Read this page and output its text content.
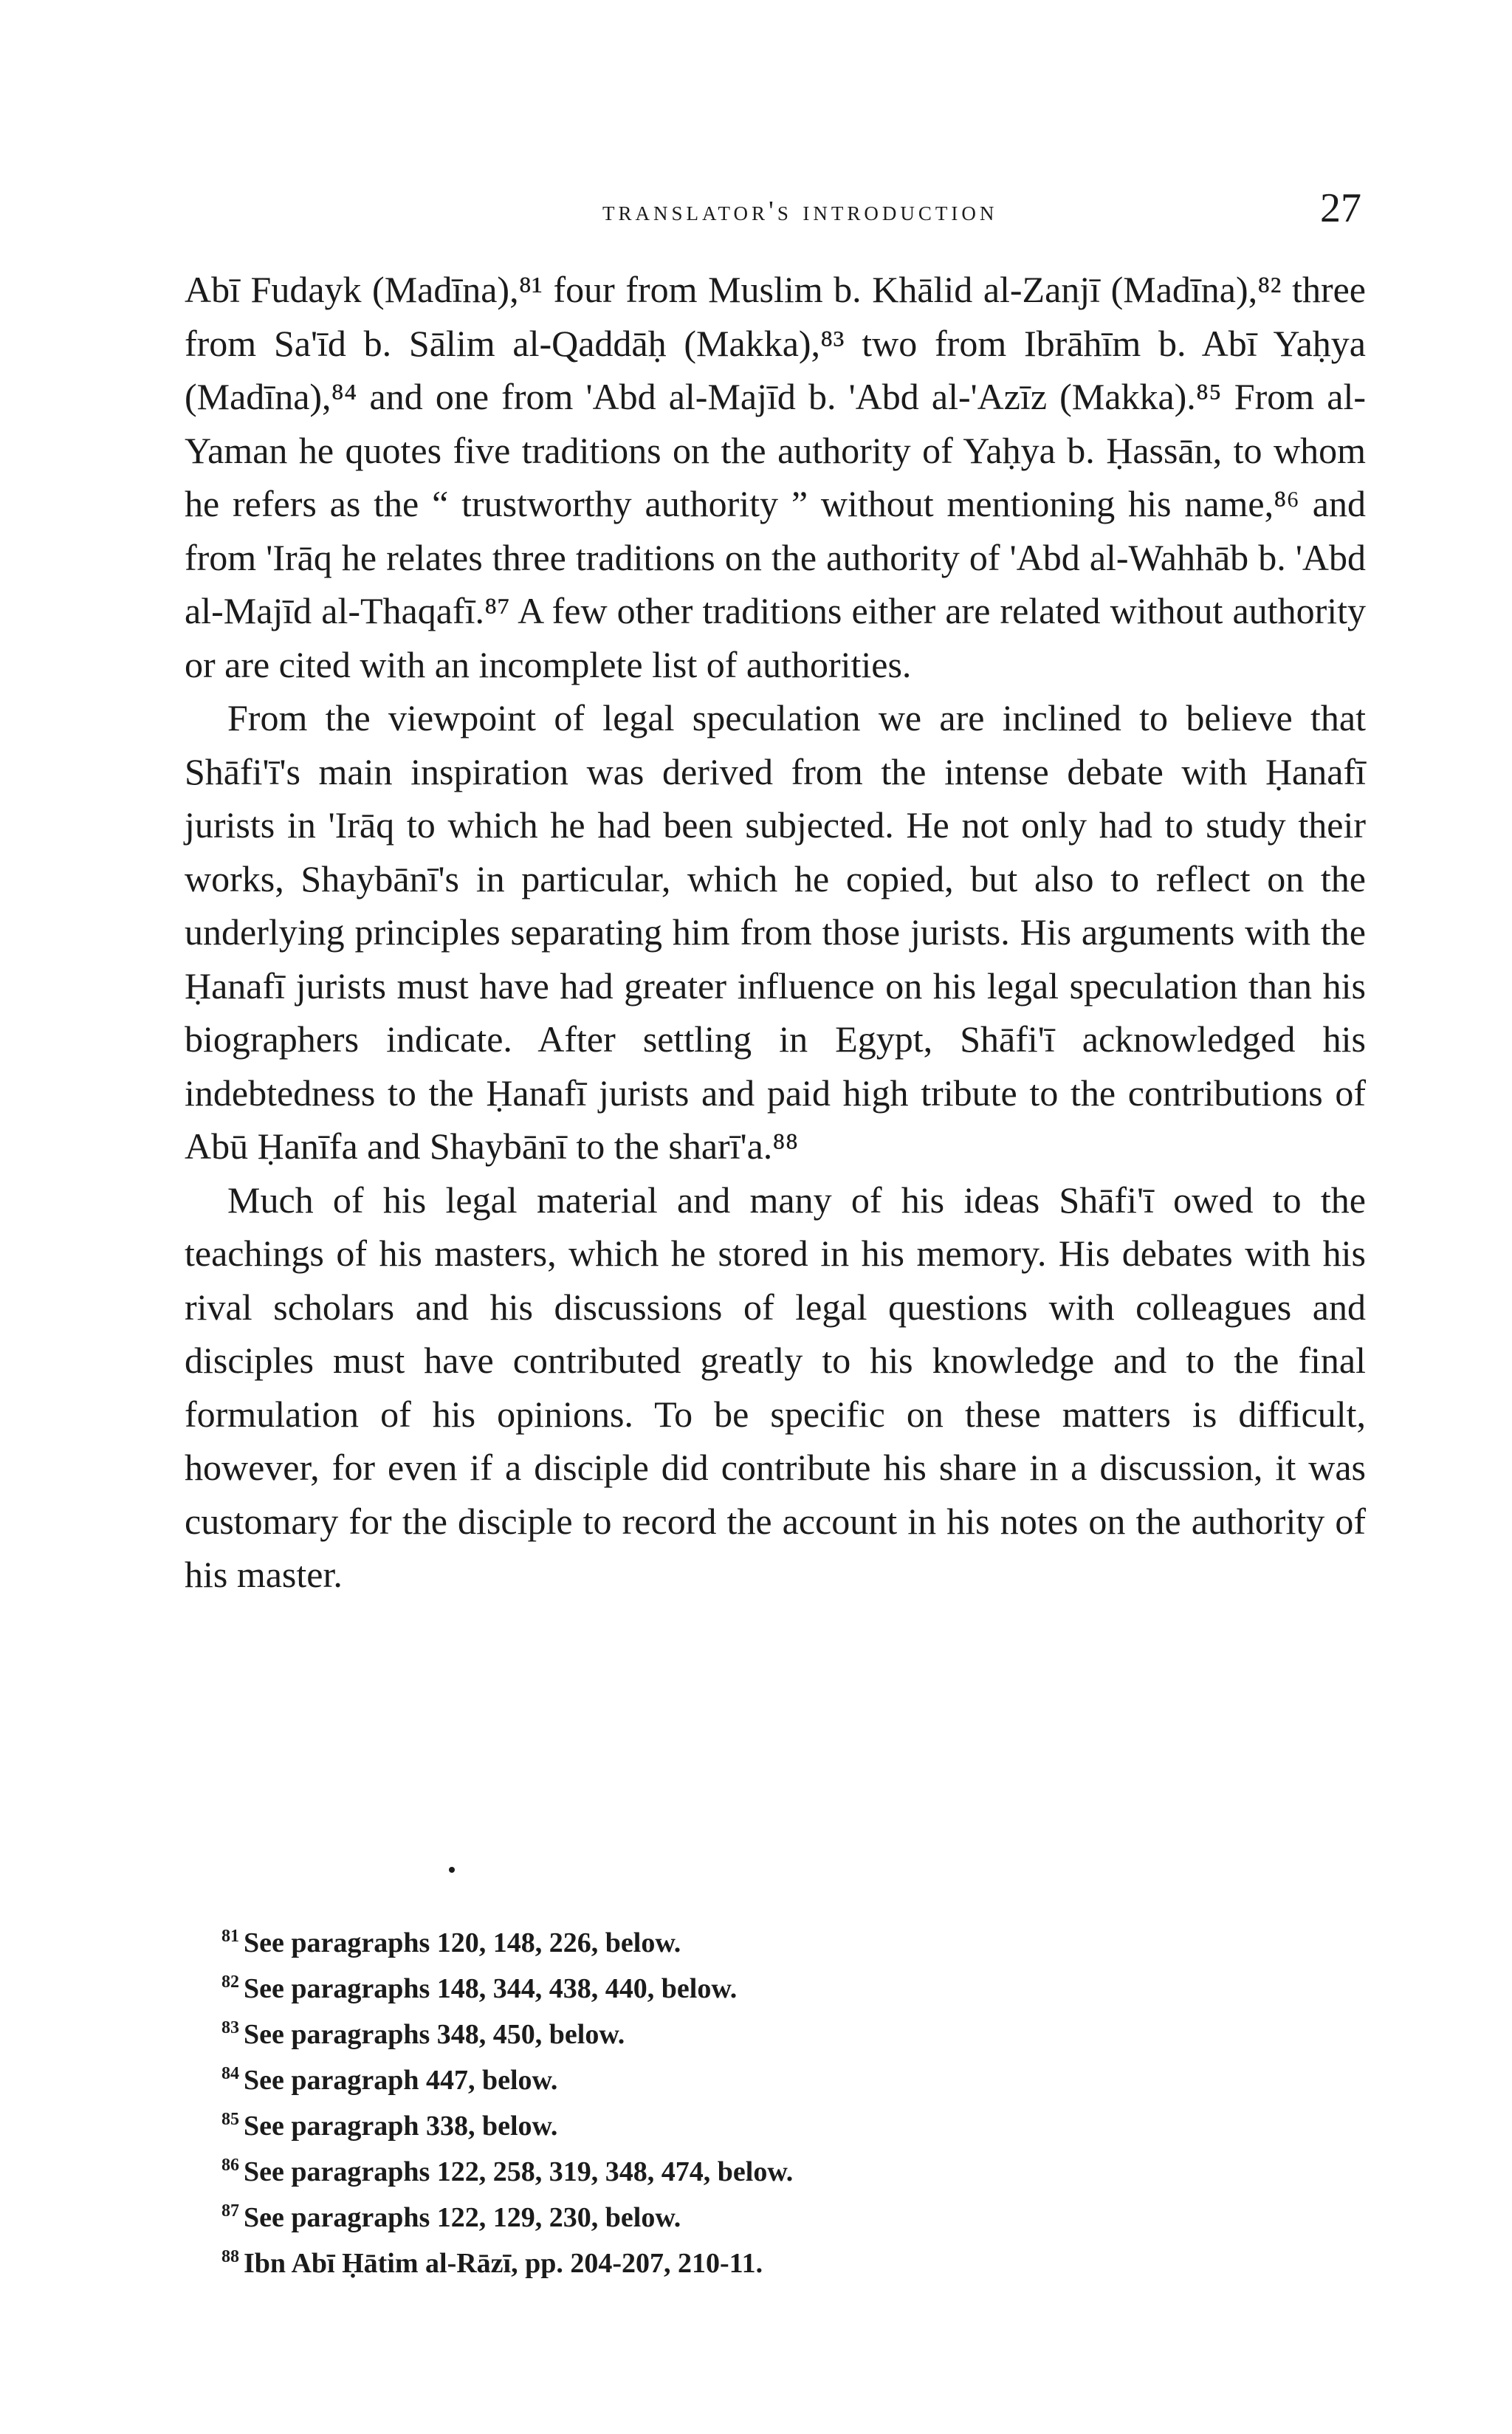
translator's introduction	27

Abī Fudayk (Madīna),⁸¹ four from Muslim b. Khālid al-Zanjī (Madīna),⁸² three from Sa'īd b. Sālim al-Qaddāḥ (Makka),⁸³ two from Ibrāhīm b. Abī Yaḥya (Madīna),⁸⁴ and one from 'Abd al-Majīd b. 'Abd al-'Azīz (Makka).⁸⁵ From al-Yaman he quotes five traditions on the authority of Yaḥya b. Ḥassān, to whom he refers as the “ trustworthy authority ” without mentioning his name,⁸⁶ and from 'Irāq he relates three traditions on the authority of 'Abd al-Wahhāb b. 'Abd al-Majīd al-Thaqafī.⁸⁷ A few other traditions either are related without authority or are cited with an incomplete list of authorities.

From the viewpoint of legal speculation we are inclined to believe that Shāfi'ī's main inspiration was derived from the intense debate with Ḥanafī jurists in 'Irāq to which he had been subjected. He not only had to study their works, Shaybānī's in particular, which he copied, but also to reflect on the underlying principles separating him from those jurists. His arguments with the Ḥanafī jurists must have had greater influence on his legal speculation than his biographers indicate. After settling in Egypt, Shāfi'ī acknowledged his indebtedness to the Ḥanafī jurists and paid high tribute to the contributions of Abū Ḥanīfa and Shaybānī to the sharī'a.⁸⁸

Much of his legal material and many of his ideas Shāfi'ī owed to the teachings of his masters, which he stored in his memory. His debates with his rival scholars and his discussions of legal questions with colleagues and disciples must have contributed greatly to his knowledge and to the final formulation of his opinions. To be specific on these matters is difficult, however, for even if a disciple did contribute his share in a discussion, it was customary for the disciple to record the account in his notes on the authority of his master.

$^{81}$ See paragraphs 120, 148, 226, below.
$^{82}$ See paragraphs 148, 344, 438, 440, below.
$^{83}$ See paragraphs 348, 450, below.
$^{84}$ See paragraph 447, below.
$^{85}$ See paragraph 338, below.
$^{86}$ See paragraphs 122, 258, 319, 348, 474, below.
$^{87}$ See paragraphs 122, 129, 230, below.
$^{88}$ Ibn Abī Ḥātim al-Rāzī, pp. 204-207, 210-11.
